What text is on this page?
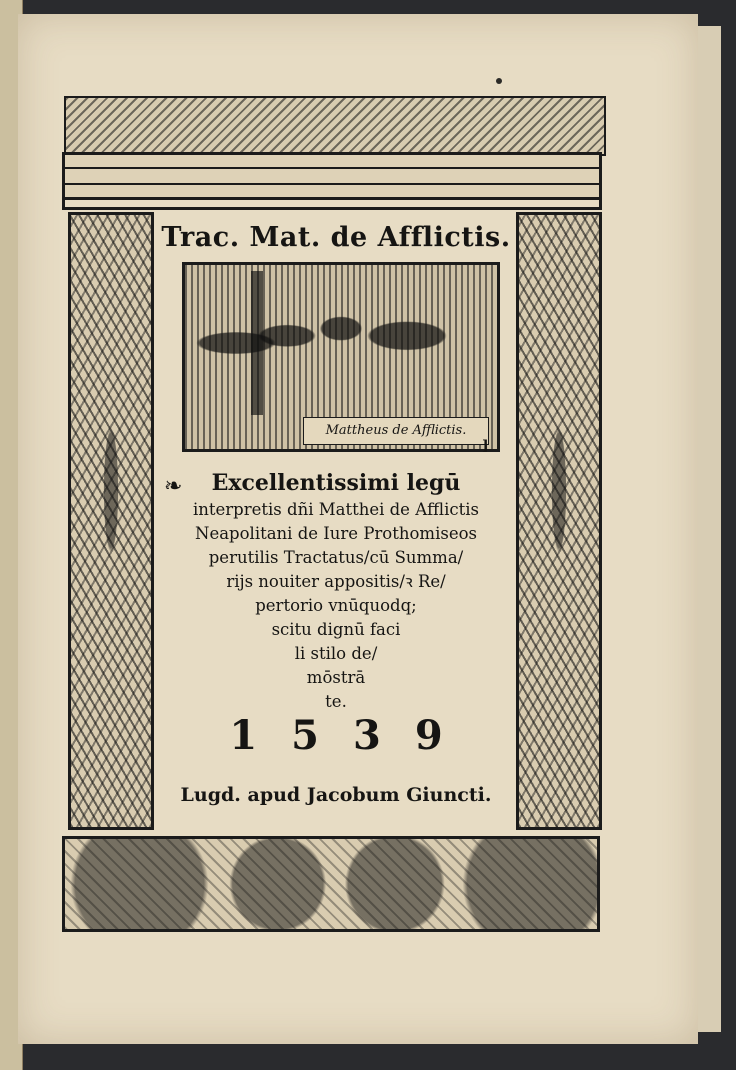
Trac. Mat. de Afflictis.
Mattheus de Afflictis.
]
❧	Excellentissimi legū
interpretis dñi Matthei de Afflictis
Neapolitani de Iure Prothomiseos
perutilis Tractatus/cū Summa/
rijs nouiter appositis/ꝛ Re/
pertorio vnūquodq;
scitu dignū faci
li stilo de/
mōstrā
te.
1539
Lugd. apud Jacobum Giuncti.
